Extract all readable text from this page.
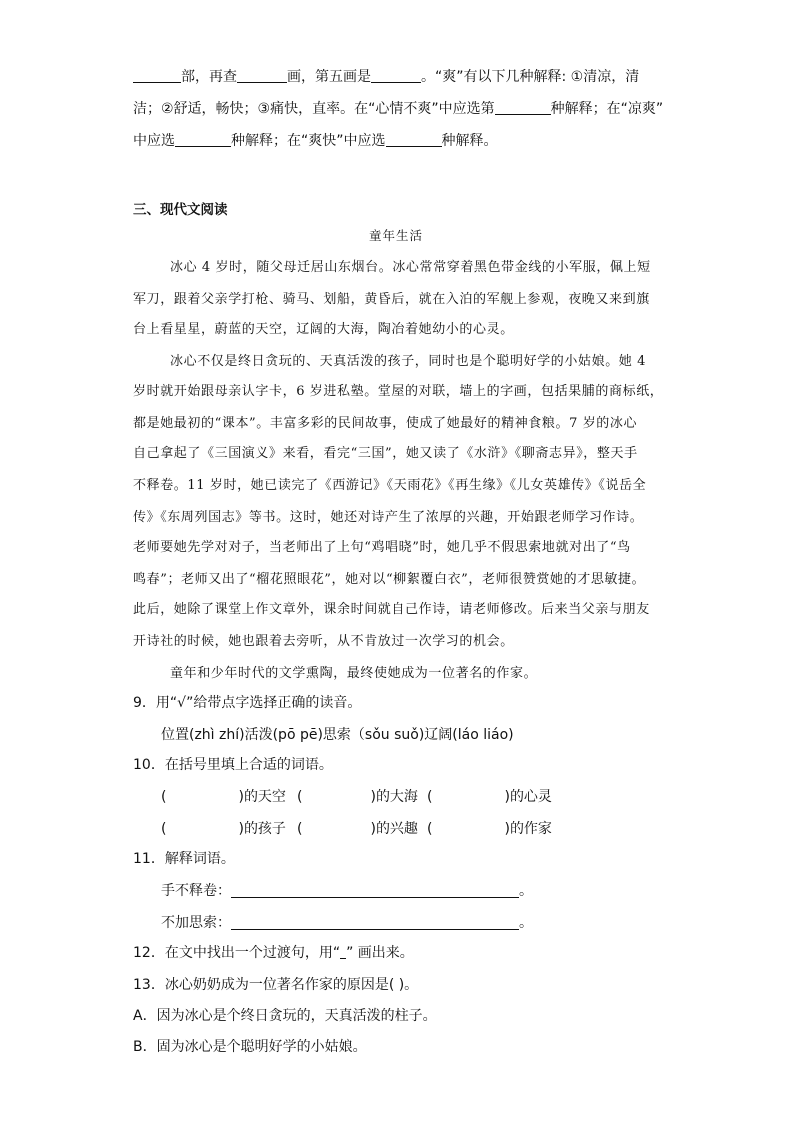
部，再查	画，第五画是	。“爽”有以下几种解释: ①清凉，清
洁；②舒适，畅快；③痛快，直率。在“心情不爽”中应选第	种解释；在“凉爽”
中应选	种解释；在“爽快”中应选	种解释。
三、现代文阅读
童年生活
冰心 4 岁时，随父母迁居山东烟台。冰心常常穿着黑色带金线的小军服，佩上短
军刀，跟着父亲学打枪、骑马、划船，黄昏后，就在入泊的军舰上参观，夜晚又来到旗
台上看星星，蔚蓝的天空，辽阔的大海，陶冶着她幼小的心灵。
冰心不仅是终日贪玩的、天真活泼的孩子，同时也是个聪明好学的小姑娘。她 4
岁时就开始跟母亲认字卡，6 岁进私塾。堂屋的对联，墙上的字画，包括果脯的商标纸，
都是她最初的“课本”。丰富多彩的民间故事，使成了她最好的精神食粮。7 岁的冰心
自己拿起了《三国演义》来看，看完“三国”，她又读了《水浒》《聊斋志异》，整天手
不释卷。11 岁时，她已读完了《西游记》《天雨花》《再生缘》《儿女英雄传》《说岳全
传》《东周列国志》等书。这时，她还对诗产生了浓厚的兴趣，开始跟老师学习作诗。
老师要她先学对对子，当老师出了上句“鸡唱晓”时，她几乎不假思索地就对出了“鸟
鸣春”；老师又出了“榴花照眼花”，她对以“柳絮覆白衣”，老师很赞赏她的才思敏捷。
此后，她除了课堂上作文章外，课余时间就自己作诗，请老师修改。后来当父亲与朋友
开诗社的时候，她也跟着去旁听，从不肯放过一次学习的机会。
童年和少年时代的文学熏陶，最终使她成为一位著名的作家。
9．用“√”给带点字选择正确的读音。
位置(zhì zhí)活泼(pō pē)思索（sǒu suǒ)辽阔(láo liáo)
10．在括号里填上合适的词语。
(	)的天空 (	)的大海 (	)的心灵
(	)的孩子 (	)的兴趣 (	)的作家
11．解释词语。
手不释卷：	。
不加思索：	。
12．在文中找出一个过渡句，用“ ” 画出来。
13．冰心奶奶成为一位著名作家的原因是( )。
A．因为冰心是个终日贪玩的，天真活泼的柱子。
B．固为冰心是个聪明好学的小姑娘。
